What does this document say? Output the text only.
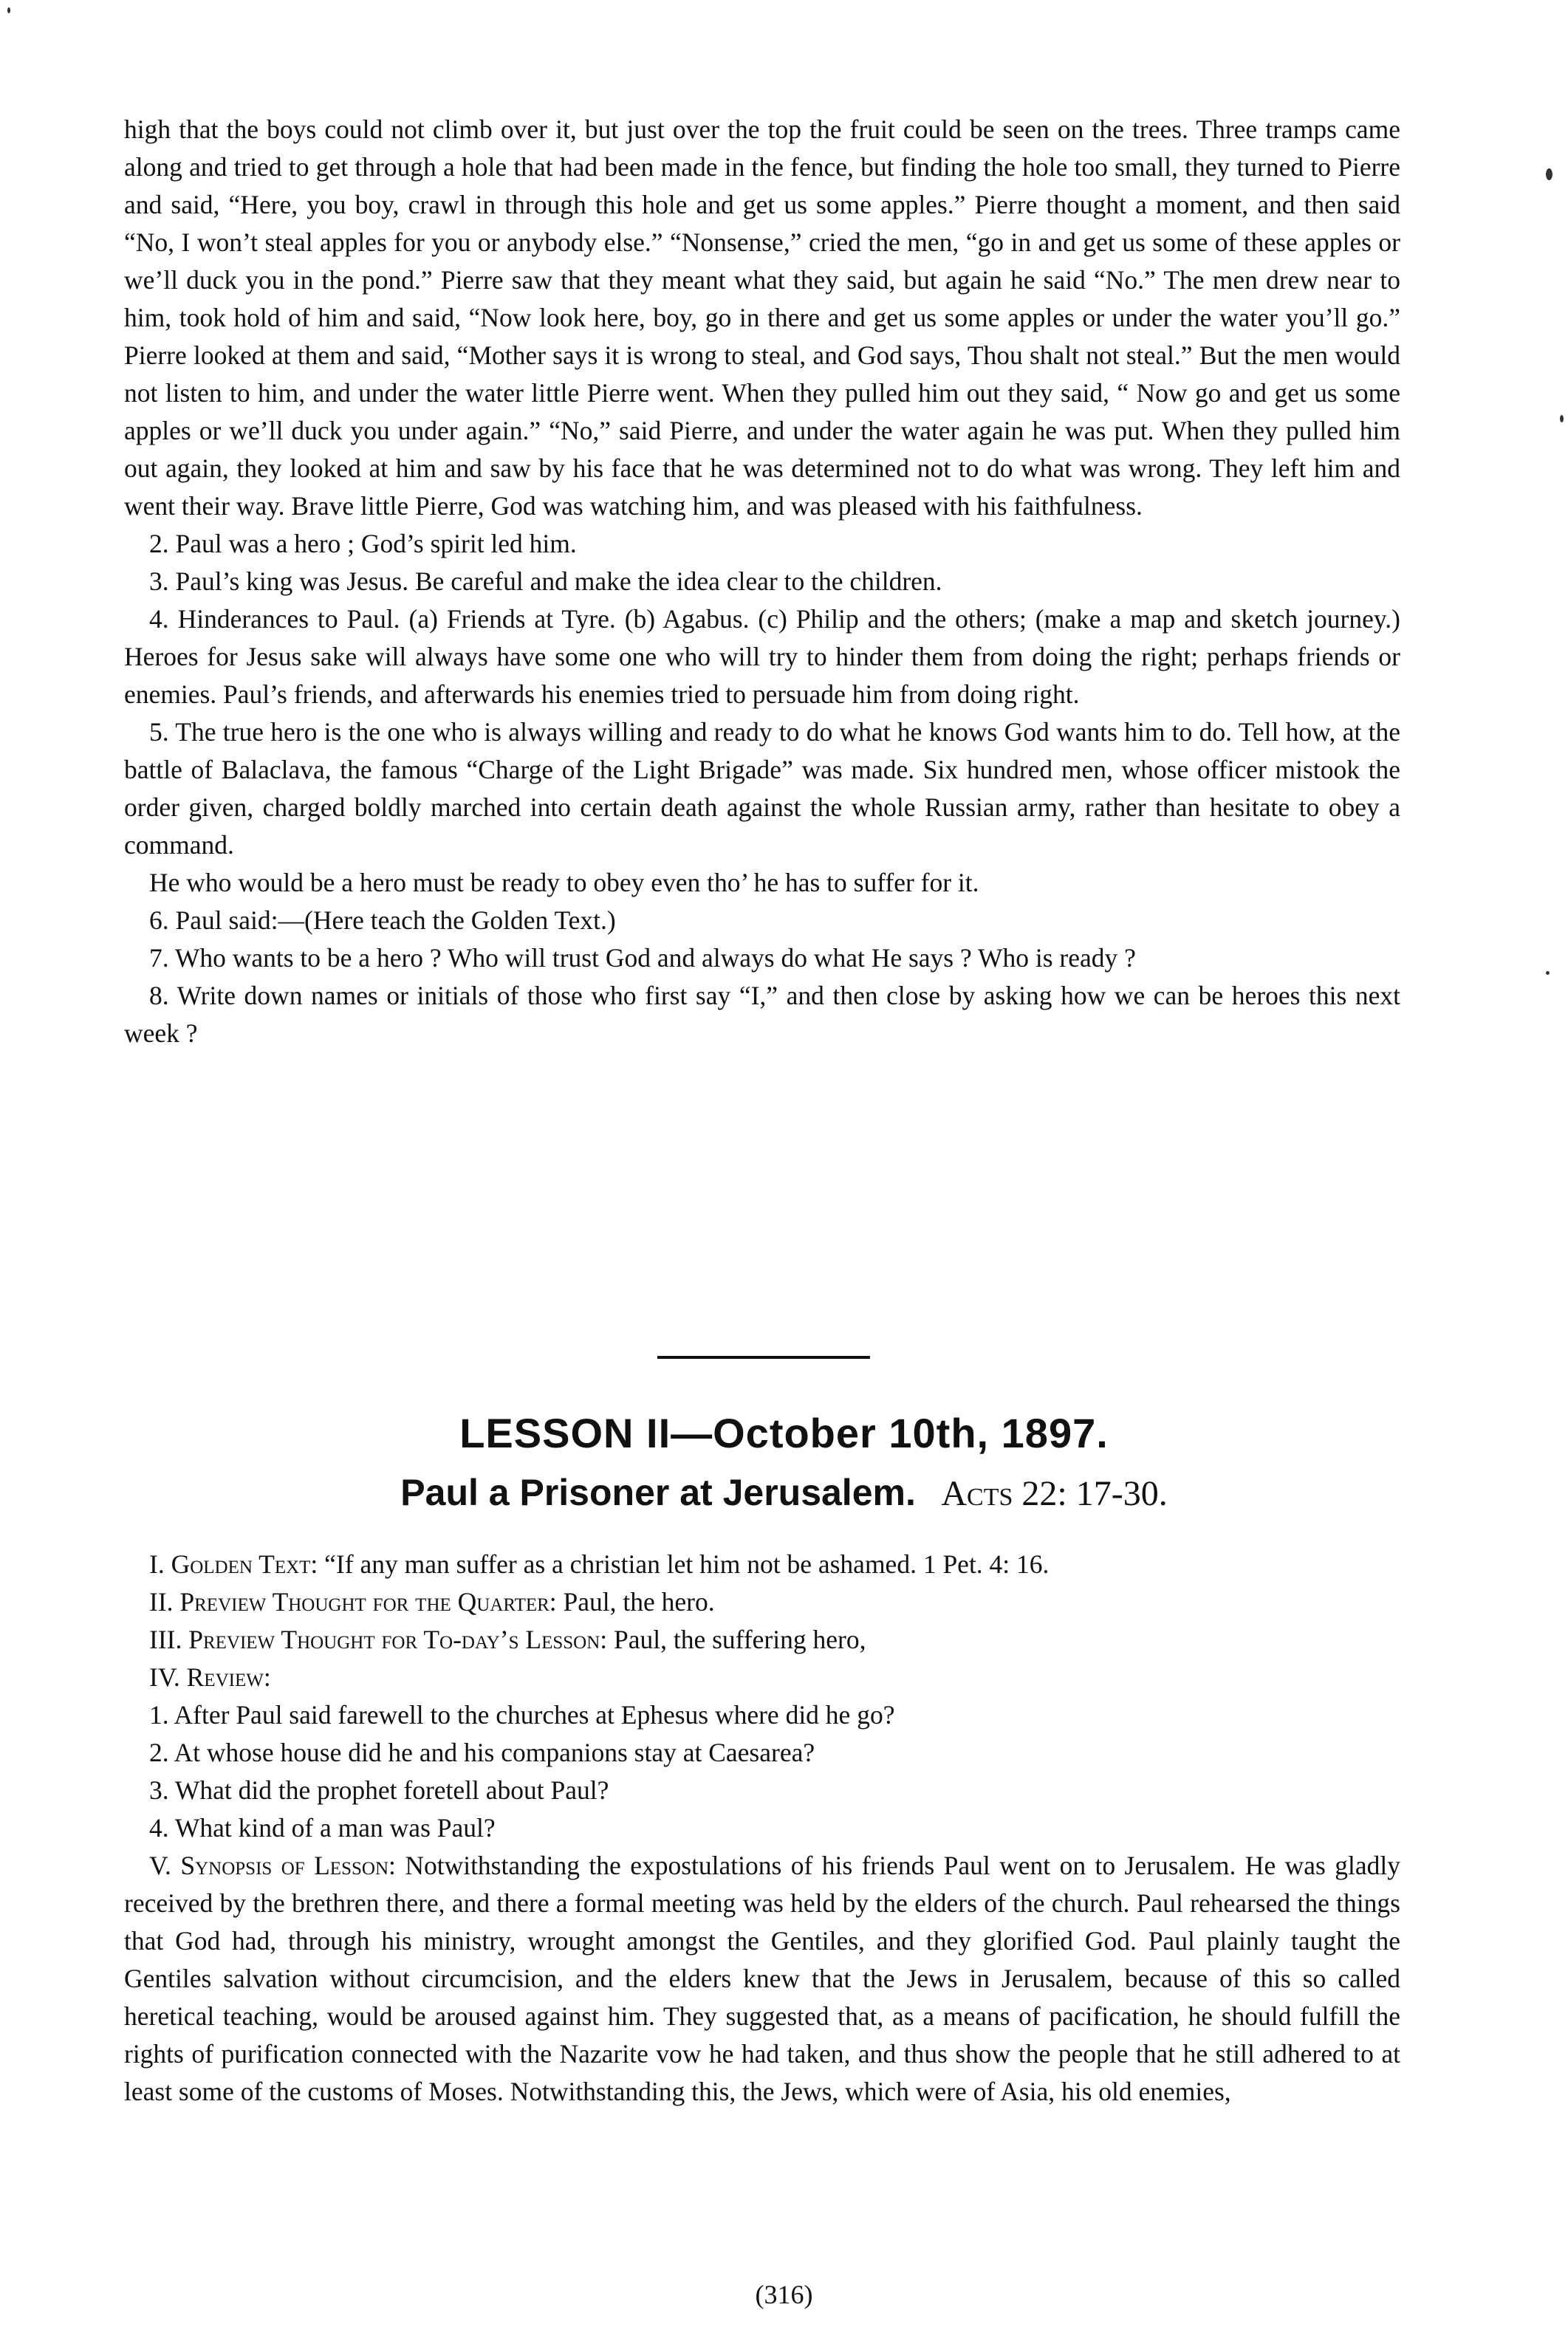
high that the boys could not climb over it, but just over the top the fruit could be seen on the trees. Three tramps came along and tried to get through a hole that had been made in the fence, but finding the hole too small, they turned to Pierre and said, “Here, you boy, crawl in through this hole and get us some apples.” Pierre thought a moment, and then said “No, I won’t steal apples for you or anybody else.” “Nonsense,” cried the men, “go in and get us some of these apples or we’ll duck you in the pond.” Pierre saw that they meant what they said, but again he said “No.” The men drew near to him, took hold of him and said, “Now look here, boy, go in there and get us some apples or under the water you’ll go.” Pierre looked at them and said, “Mother says it is wrong to steal, and God says, Thou shalt not steal.” But the men would not listen to him, and under the water little Pierre went. When they pulled him out they said, “ Now go and get us some apples or we’ll duck you under again.” “No,” said Pierre, and under the water again he was put. When they pulled him out again, they looked at him and saw by his face that he was determined not to do what was wrong. They left him and went their way. Brave little Pierre, God was watching him, and was pleased with his faithfulness.

2. Paul was a hero ; God’s spirit led him.

3. Paul’s king was Jesus. Be careful and make the idea clear to the children.

4. Hinderances to Paul. (a) Friends at Tyre. (b) Agabus. (c) Philip and the others; (make a map and sketch journey.) Heroes for Jesus sake will always have some one who will try to hinder them from doing the right; perhaps friends or enemies. Paul’s friends, and afterwards his enemies tried to persuade him from doing right.

5. The true hero is the one who is always willing and ready to do what he knows God wants him to do. Tell how, at the battle of Balaclava, the famous “Charge of the Light Brigade” was made. Six hundred men, whose officer mistook the order given, charged boldly marched into certain death against the whole Russian army, rather than hesitate to obey a command.

He who would be a hero must be ready to obey even tho’ he has to suffer for it.

6. Paul said:—(Here teach the Golden Text.)

7. Who wants to be a hero ? Who will trust God and always do what He says ? Who is ready ?

8. Write down names or initials of those who first say “I,” and then close by asking how we can be heroes this next week ?

LESSON II—October 10th, 1897.
Paul a Prisoner at Jerusalem. Acts 22: 17-30.

I. Golden Text: “If any man suffer as a christian let him not be ashamed. 1 Pet. 4: 16.

II. Preview Thought for the Quarter: Paul, the hero.

III. Preview Thought for To-day’s Lesson: Paul, the suffering hero,

IV. Review:

1. After Paul said farewell to the churches at Ephesus where did he go?

2. At whose house did he and his companions stay at Caesarea?

3. What did the prophet foretell about Paul?

4. What kind of a man was Paul?

V. Synopsis of Lesson: Notwithstanding the expostulations of his friends Paul went on to Jerusalem. He was gladly received by the brethren there, and there a formal meeting was held by the elders of the church. Paul rehearsed the things that God had, through his ministry, wrought amongst the Gentiles, and they glorified God. Paul plainly taught the Gentiles salvation without circumcision, and the elders knew that the Jews in Jerusalem, because of this so called heretical teaching, would be aroused against him. They suggested that, as a means of pacification, he should fulfill the rights of purification connected with the Nazarite vow he had taken, and thus show the people that he still adhered to at least some of the customs of Moses. Notwithstanding this, the Jews, which were of Asia, his old enemies,

(316)
